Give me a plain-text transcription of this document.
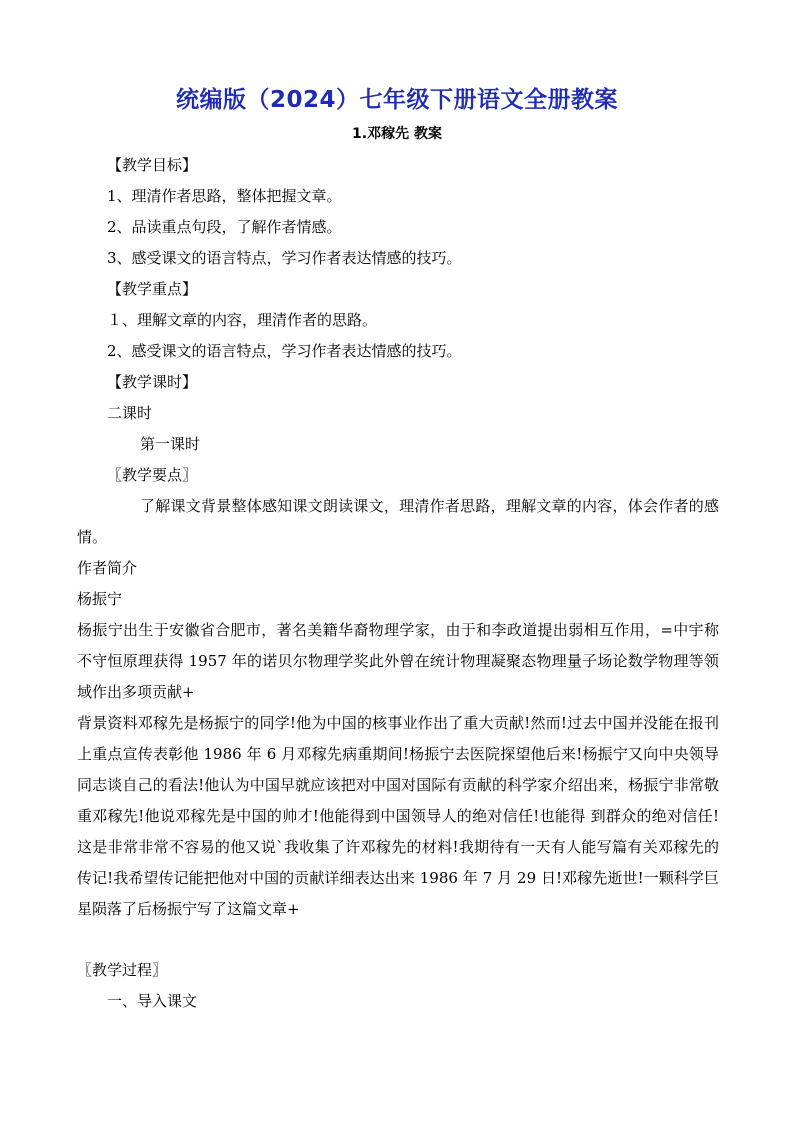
统编版（2024）七年级下册语文全册教案
1.邓稼先 教案
【教学目标】
1、理清作者思路，整体把握文章。
2、品读重点句段，了解作者情感。
3、感受课文的语言特点，学习作者表达情感的技巧。
【教学重点】
１、理解文章的内容，理清作者的思路。
2、感受课文的语言特点，学习作者表达情感的技巧。
【教学课时】
二课时
第一课时
〖教学要点〗
了解课文背景整体感知课文朗读课文，理清作者思路，理解文章的内容，体会作者的感情。
作者简介
杨振宁
杨振宁出生于安徽省合肥市，著名美籍华裔物理学家，由于和李政道提出弱相互作用，=中宇称不守恒原理获得 1957 年的诺贝尔物理学奖此外曾在统计物理凝聚态物理量子场论数学物理等领域作出多项贡献+
背景资料邓稼先是杨振宁的同学!他为中国的核事业作出了重大贡献!然而!过去中国并没能在报刊上重点宣传表彰他 1986 年 6 月邓稼先病重期间!杨振宁去医院探望他后来!杨振宁又向中央领导同志谈自己的看法!他认为中国早就应该把对中国对国际有贡献的科学家介绍出来，杨振宁非常敬重邓稼先!他说邓稼先是中国的帅才!他能得到中国领导人的绝对信任!也能得 到群众的绝对信任!这是非常非常不容易的他又说`我收集了许邓稼先的材料!我期待有一天有人能写篇有关邓稼先的传记!我希望传记能把他对中国的贡献详细表达出来 1986 年 7 月 29 日!邓稼先逝世!一颗科学巨星陨落了后杨振宁写了这篇文章+
〖教学过程〗
一、导入课文
